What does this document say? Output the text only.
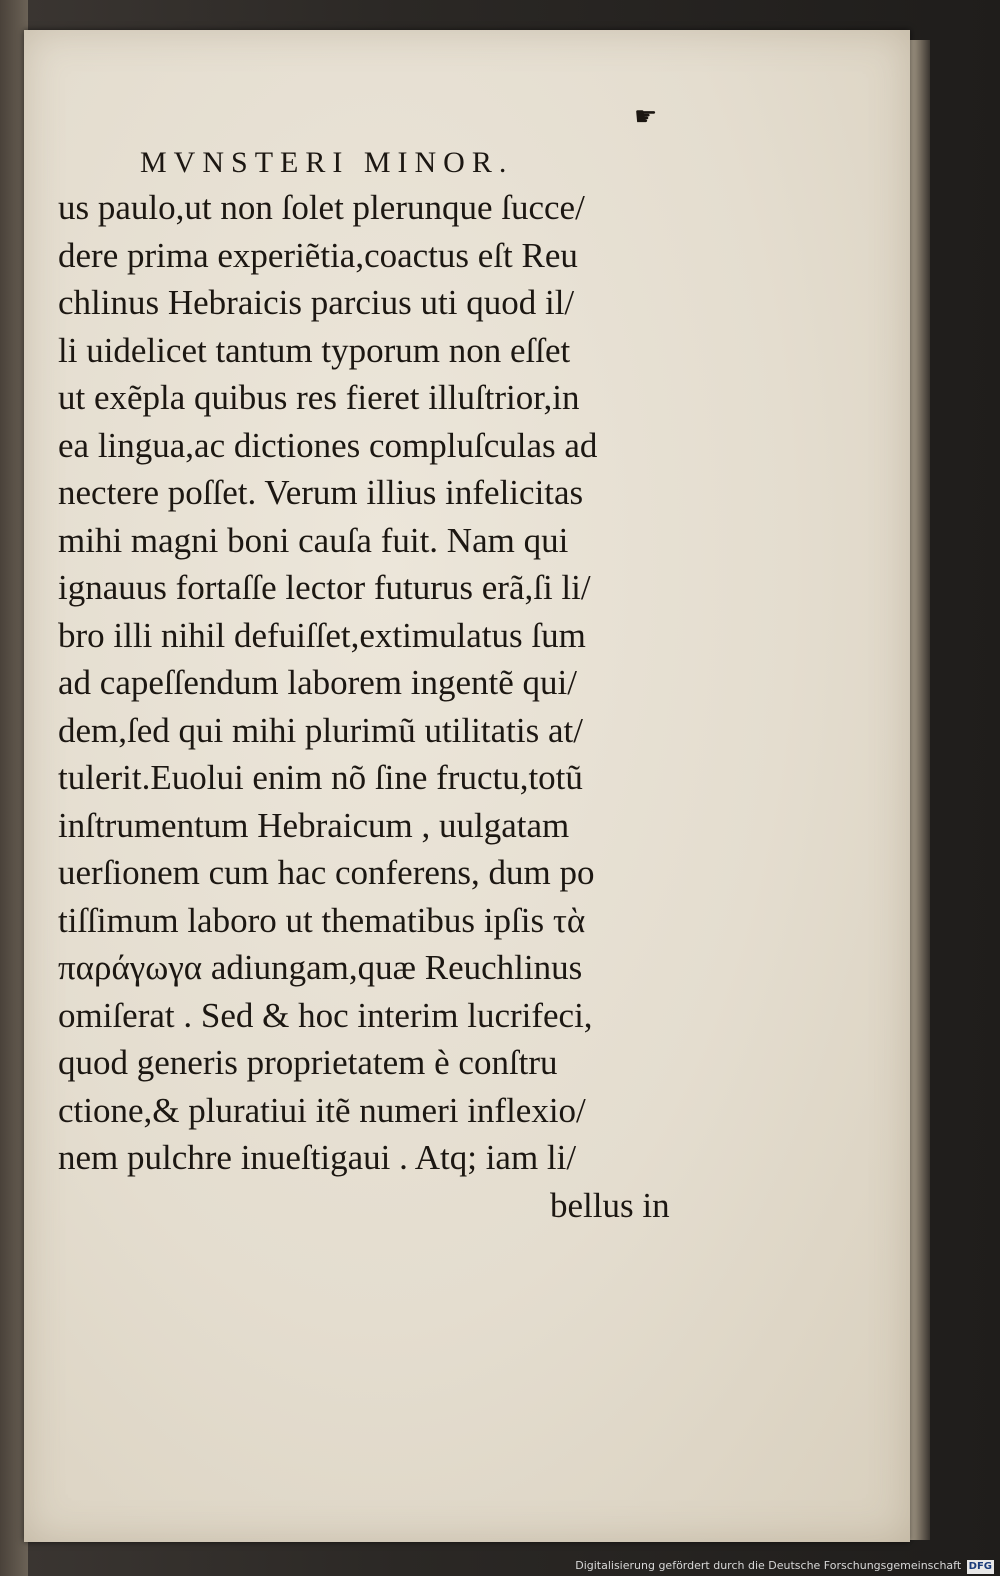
☛
MVNSTERI MINOR.
us paulo,ut non ſolet plerunque ſucce/
dere prima experiẽtia,coactus eſt Reu
chlinus Hebraicis parcius uti quod il/
li uidelicet tantum typorum non eſſet
ut exẽpla quibus res fieret illuſtrior,in
ea lingua,ac dictiones compluſculas ad
nectere poſſet. Verum illius infelicitas
mihi magni boni cauſa fuit. Nam qui
ignauus fortaſſe lector futurus erã,ſi li/
bro illi nihil defuiſſet,extimulatus ſum
ad capeſſendum laborem ingentẽ qui/
dem,ſed qui mihi plurimũ utilitatis at/
tulerit.Euolui enim nõ ſine fructu,totũ
inſtrumentum Hebraicum , uulgatam
uerſionem cum hac conferens, dum po
tiſſimum laboro ut thematibus ipſis τὰ
παράγωγα adiungam,quæ Reuchlinus
omiſerat . Sed & hoc interim lucrifeci,
quod generis proprietatem è conſtru
ctione,& pluratiui itẽ numeri inflexio/
nem pulchre inueſtigaui . Atq; iam li/
bellus in
Digitalisierung gefördert durch die Deutsche Forschungsgemeinschaft DFG
